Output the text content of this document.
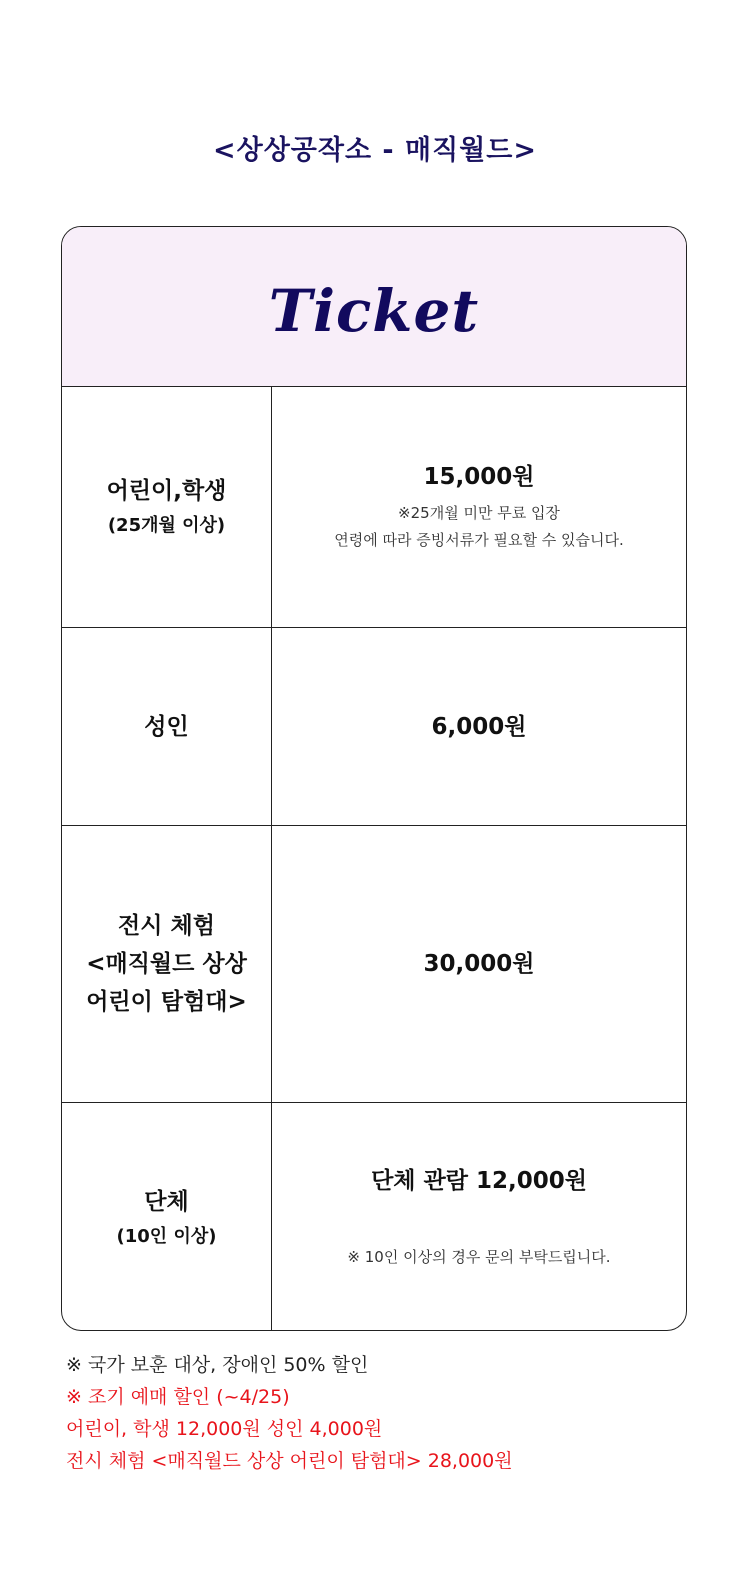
<상상공작소 - 매직월드>
Ticket
어린이,학생
(25개월 이상)
15,000원
※25개월 미만 무료 입장
연령에 따라 증빙서류가 필요할 수 있습니다.
성인	6,000원
전시 체험
<매직월드 상상
어린이 탐험대>
30,000원
단체
(10인 이상)
단체 관람 12,000원
※ 10인 이상의 경우 문의 부탁드립니다.
※ 국가 보훈 대상, 장애인 50% 할인
※ 조기 예매 할인 (~4/25)
어린이, 학생 12,000원 성인 4,000원
전시 체험 <매직월드 상상 어린이 탐험대> 28,000원
